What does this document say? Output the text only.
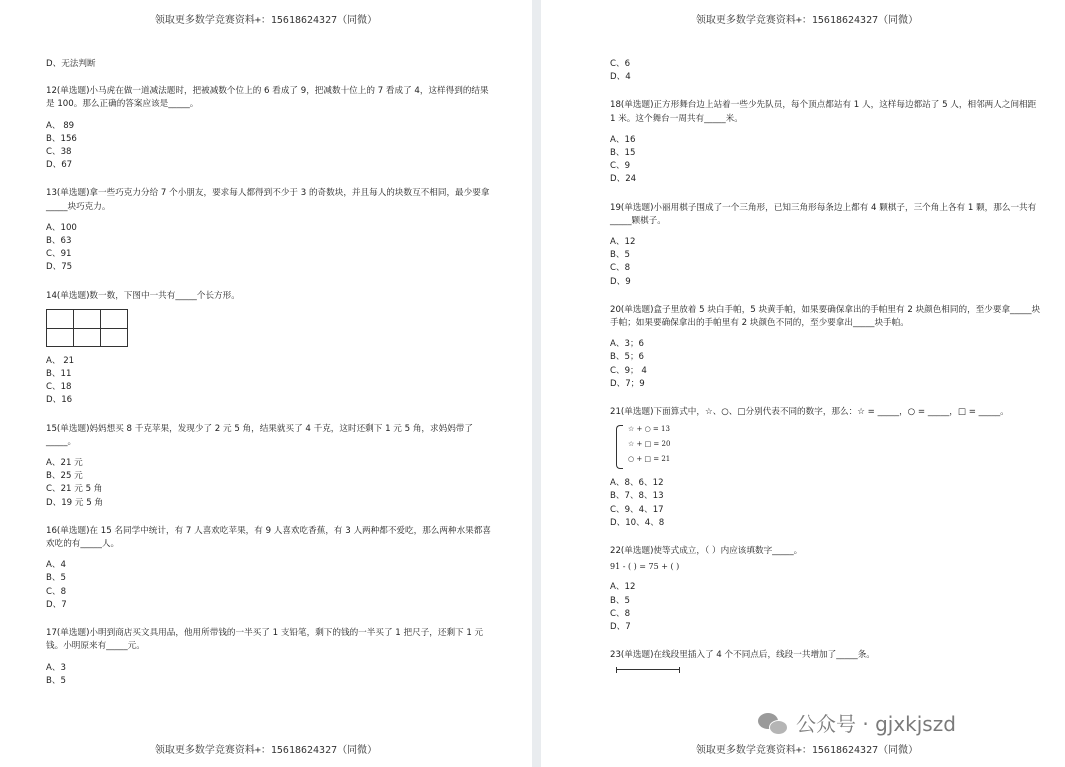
领取更多数学竞赛资料+：15618624327（同微）
D、无法判断

12(单选题)小马虎在做一道减法题时，把被减数个位上的 6 看成了 9，把减数十位上的 7 看成了 4，这样得到的结果是 100。那么正确的答案应该是_____。

A、 89
B、156
C、38
D、67

13(单选题)拿一些巧克力分给 7 个小朋友，要求每人都得到不少于 3 的奇数块，并且每人的块数互不相同，最少要拿_____块巧克力。

A、100
B、63
C、91
D、75

14(单选题)数一数，下图中一共有_____个长方形。

A、 21
B、11
C、18
D、16

15(单选题)妈妈想买 8 千克苹果，发现少了 2 元 5 角，结果就买了 4 千克，这时还剩下 1 元 5 角，求妈妈带了_____。

A、21 元
B、25 元
C、21 元 5 角
D、19 元 5 角

16(单选题)在 15 名同学中统计，有 7 人喜欢吃苹果，有 9 人喜欢吃香蕉，有 3 人两种都不爱吃，那么两种水果都喜欢吃的有_____人。

A、4
B、5
C、8
D、7

17(单选题)小明到商店买文具用品，他用所带钱的一半买了 1 支铅笔，剩下的钱的一半买了 1 把尺子，还剩下 1 元钱。小明原来有_____元。

A、3
B、5
领取更多数学竞赛资料+：15618624327（同微）
领取更多数学竞赛资料+：15618624327（同微）
C、6
D、4

18(单选题)正方形舞台边上站着一些少先队员，每个顶点都站有 1 人，这样每边都站了 5 人，相邻两人之间相距 1 米。这个舞台一周共有_____米。

A、16
B、15
C、9
D、24

19(单选题)小丽用棋子围成了一个三角形，已知三角形每条边上都有 4 颗棋子，三个角上各有 1 颗，那么一共有_____颗棋子。

A、12
B、5
C、8
D、9

20(单选题)盒子里放着 5 块白手帕，5 块黄手帕，如果要确保拿出的手帕里有 2 块颜色相同的，至少要拿_____块手帕；如果要确保拿出的手帕里有 2 块颜色不同的，至少要拿出_____块手帕。

A、3；6
B、5；6
C、9； 4
D、7；9

21(单选题)下面算式中，☆、○、□分别代表不同的数字，那么：☆ = _____，○ = _____，□ = _____。

☆ + ○ = 13
☆ + □ = 20
○ + □ = 21
A、8、6、12
B、7、8、13
C、9、4、17
D、10、4、8

22(单选题)使等式成立，（ ）内应该填数字_____。

91 - ( ) = 75 + ( )
A、12
B、5
C、8
D、7

23(单选题)在线段里插入了 4 个不同点后，线段一共增加了_____条。

领取更多数学竞赛资料+：15618624327（同微）
公众号 · gjxkjszd
